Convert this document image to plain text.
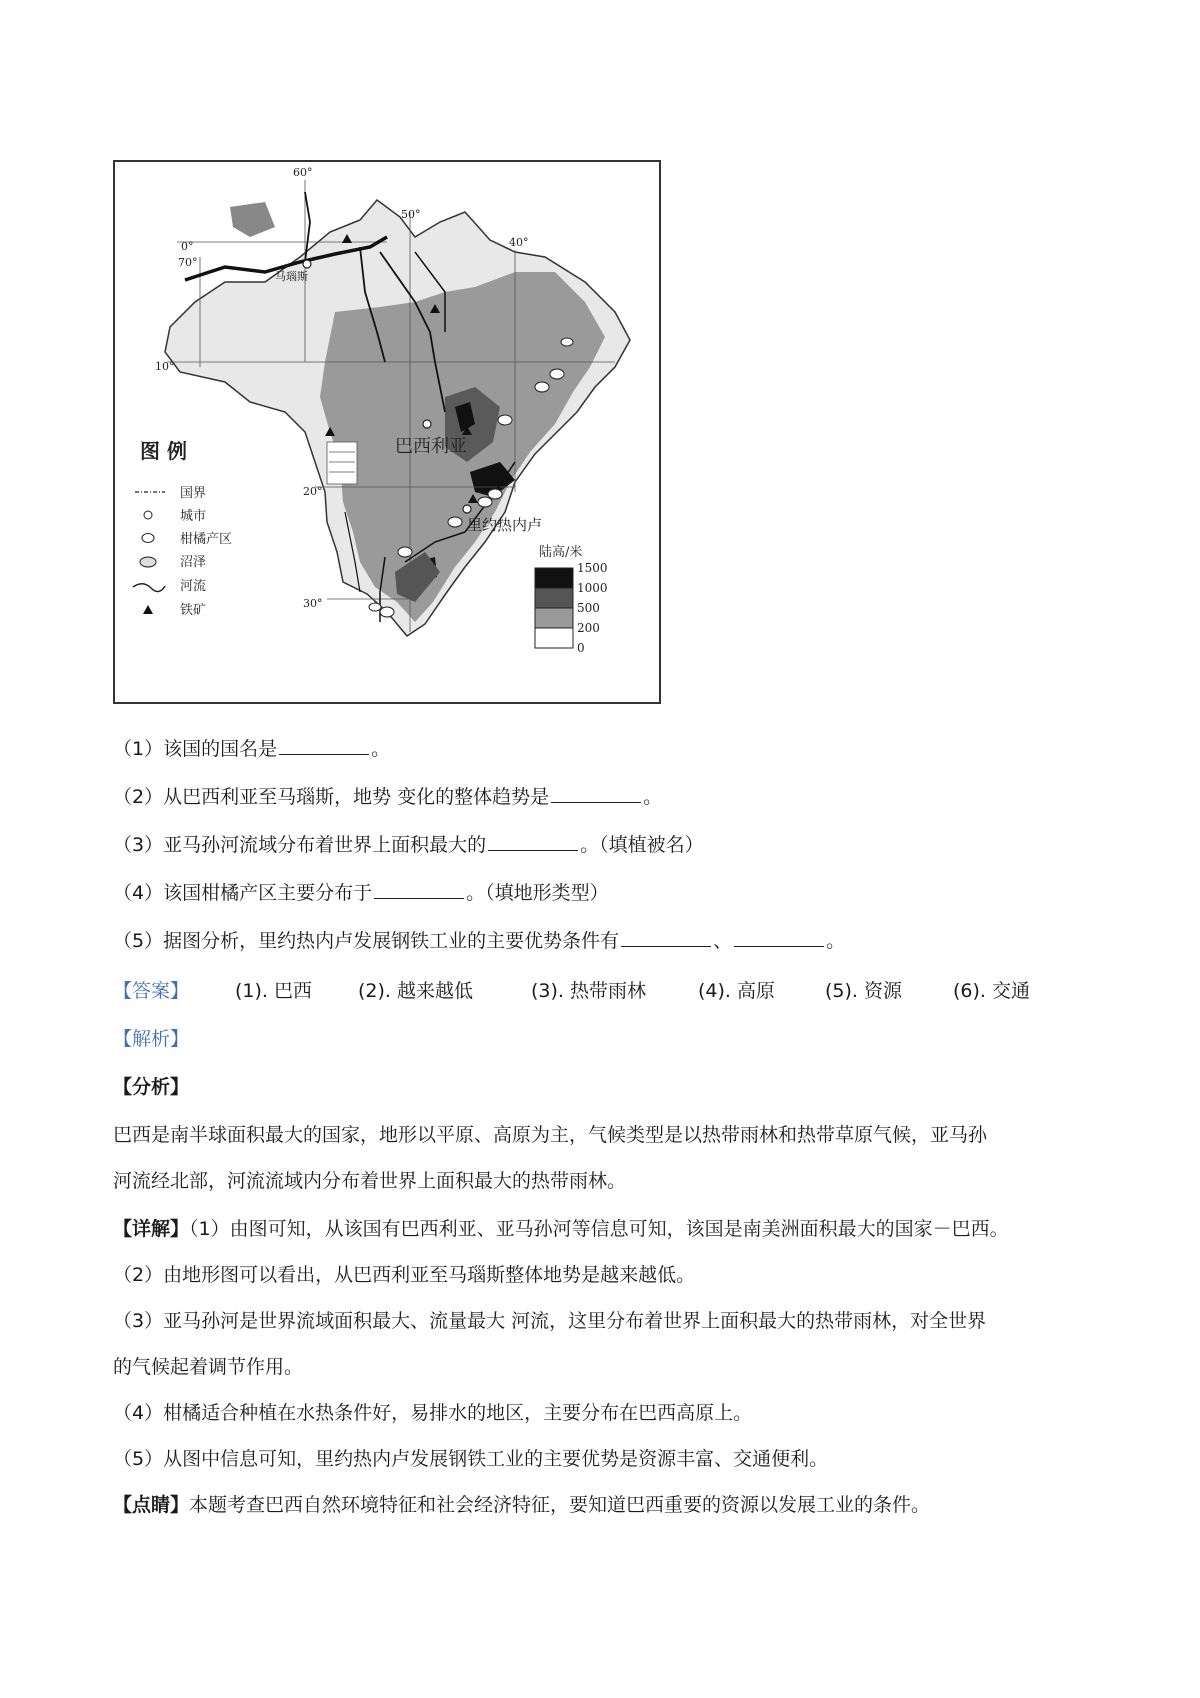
60°
70°
50°
40°
0°
10°
20°
30°
马瑙斯
巴西利亚
里约热内卢
图 例
国界
城市
柑橘产区
沼泽
河流
铁矿
陆高/米
1500
1000
500
200
0
（1）该国的国名是	。
（2）从巴西利亚至马瑙斯，地势 变化的整体趋势是	。
（3）亚马孙河流域分布着世界上面积最大的	。（填植被名）
（4）该国柑橘产区主要分布于	。（填地形类型）
（5）据图分析，里约热内卢发展钢铁工业的主要优势条件有	、	。
【答案】 (1). 巴西 (2). 越来越低	(3). 热带雨林	(4). 高原	(5). 资源	(6). 交通
【解析】
【分析】
巴西是南半球面积最大的国家，地形以平原、高原为主，气候类型是以热带雨林和热带草原气候，亚马孙
河流经北部，河流流域内分布着世界上面积最大的热带雨林。
【详解】（1）由图可知，从该国有巴西利亚、亚马孙河等信息可知，该国是南美洲面积最大的国家－巴西。
（2）由地形图可以看出，从巴西利亚至马瑙斯整体地势是越来越低。
（3）亚马孙河是世界流域面积最大、流量最大 河流，这里分布着世界上面积最大的热带雨林，对全世界
的气候起着调节作用。
（4）柑橘适合种植在水热条件好，易排水的地区，主要分布在巴西高原上。
（5）从图中信息可知，里约热内卢发展钢铁工业的主要优势是资源丰富、交通便利。
【点睛】本题考查巴西自然环境特征和社会经济特征，要知道巴西重要的资源以发展工业的条件。
